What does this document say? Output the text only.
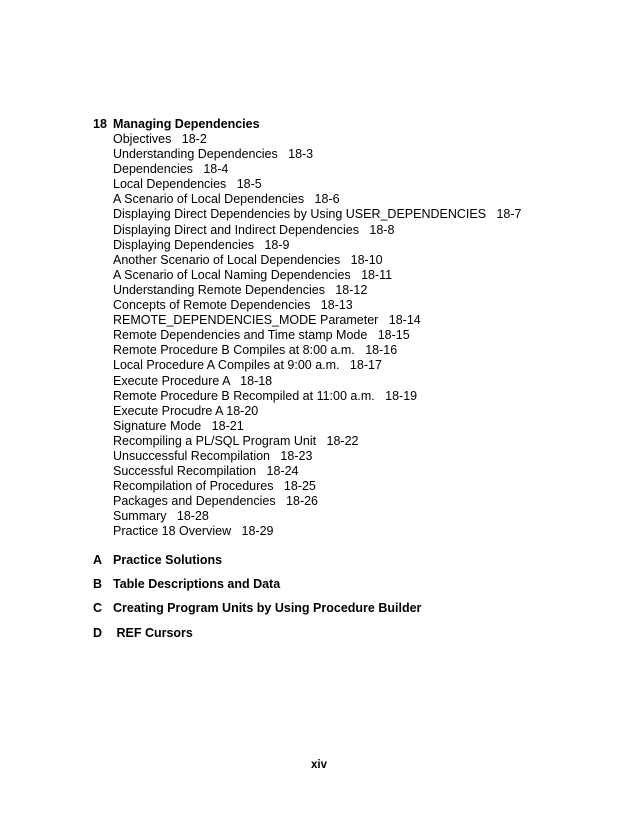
18 Managing Dependencies
Objectives   18-2
Understanding Dependencies   18-3
Dependencies   18-4
Local Dependencies   18-5
A Scenario of Local Dependencies   18-6
Displaying Direct Dependencies by Using USER_DEPENDENCIES   18-7
Displaying Direct and Indirect Dependencies   18-8
Displaying Dependencies   18-9
Another Scenario of Local Dependencies   18-10
A Scenario of Local Naming Dependencies   18-11
Understanding Remote Dependencies   18-12
Concepts of Remote Dependencies   18-13
REMOTE_DEPENDENCIES_MODE Parameter   18-14
Remote Dependencies and Time stamp Mode   18-15
Remote Procedure B Compiles at 8:00 a.m.   18-16
Local Procedure A Compiles at 9:00 a.m.   18-17
Execute Procedure A   18-18
Remote Procedure B Recompiled at 11:00 a.m.   18-19
Execute Procudre A 18-20
Signature Mode   18-21
Recompiling a PL/SQL Program Unit   18-22
Unsuccessful Recompilation   18-23
Successful Recompilation   18-24
Recompilation of Procedures   18-25
Packages and Dependencies   18-26
Summary   18-28
Practice 18 Overview   18-29
A Practice Solutions
B Table Descriptions and Data
C Creating Program Units by Using Procedure Builder
D REF Cursors
xiv
